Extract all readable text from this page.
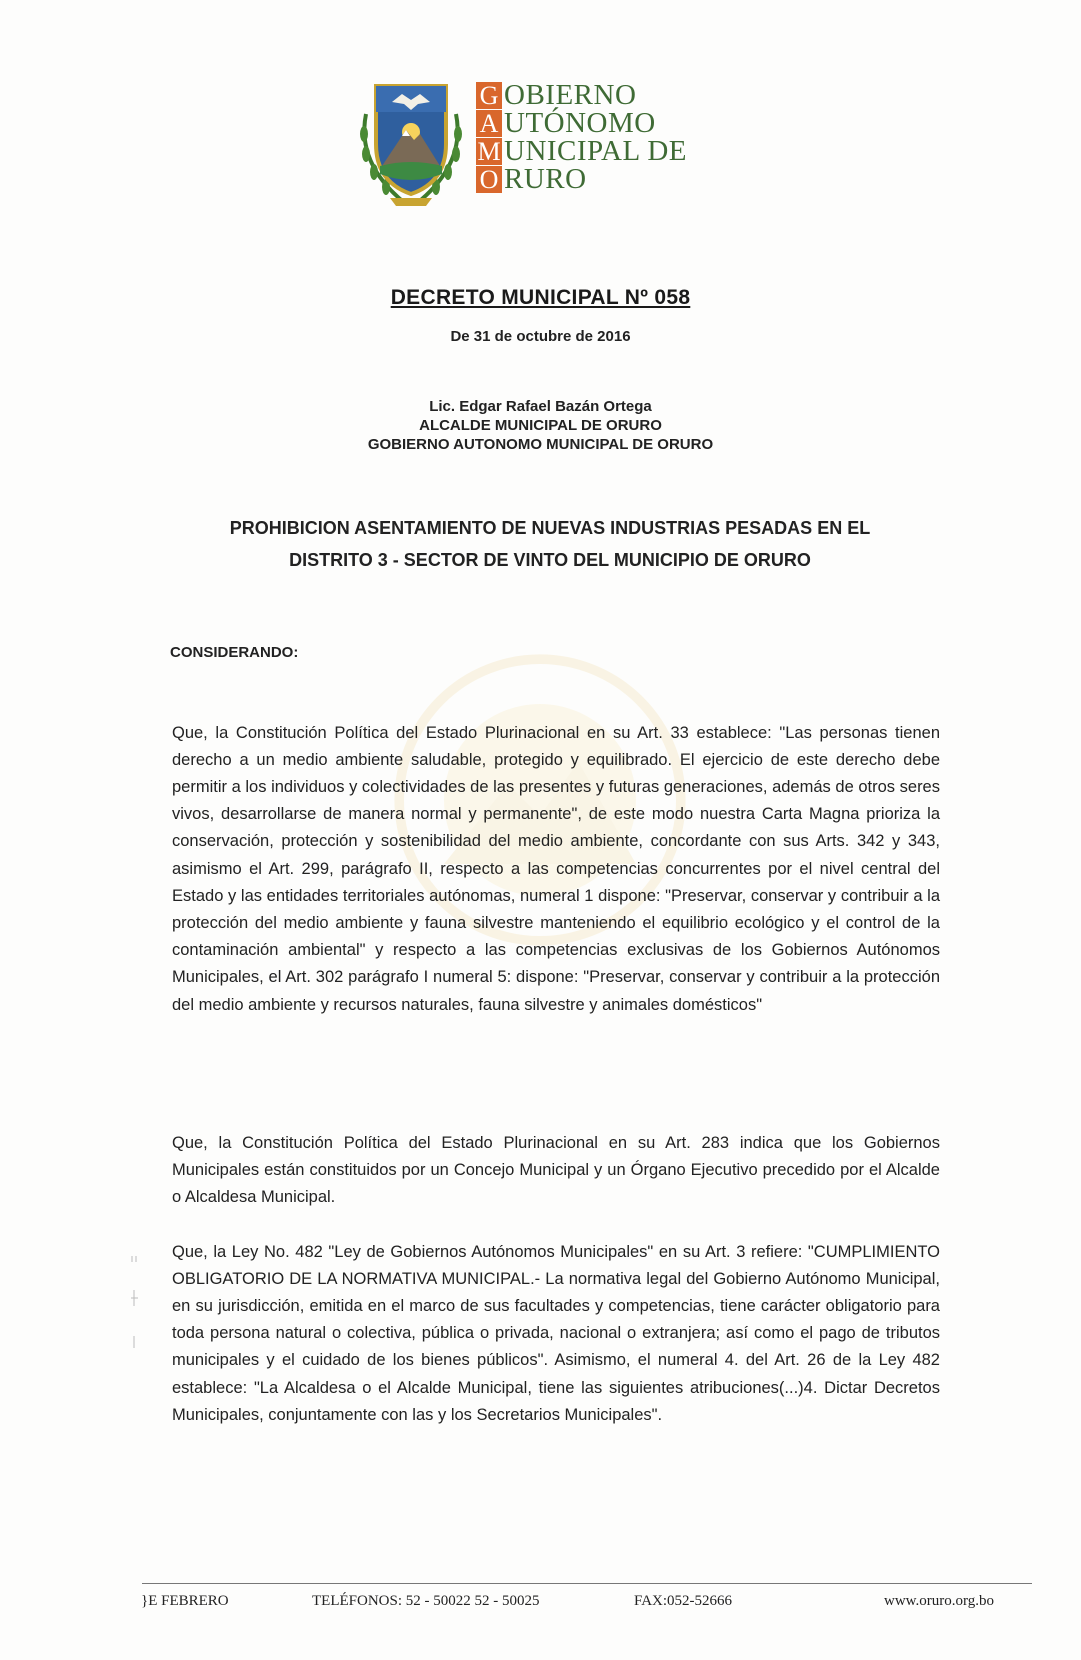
G
A
M
O
OBIERNO
UTÓNOMO
UNICIPAL DE
RURO
DECRETO MUNICIPAL Nº 058
De 31 de octubre de 2016
Lic. Edgar Rafael Bazán Ortega
ALCALDE MUNICIPAL DE ORURO
GOBIERNO AUTONOMO MUNICIPAL DE ORURO
PROHIBICION ASENTAMIENTO DE NUEVAS INDUSTRIAS PESADAS EN EL
DISTRITO 3 - SECTOR DE VINTO DEL MUNICIPIO DE ORURO
CONSIDERANDO:

Que, la Constitución Política del Estado Plurinacional en su Art. 33 establece: "Las personas tienen derecho a un medio ambiente saludable, protegido y equilibrado. El ejercicio de este derecho debe permitir a los individuos y colectividades de las presentes y futuras generaciones, además de otros seres vivos, desarrollarse de manera normal y permanente", de este modo nuestra Carta Magna prioriza la conservación, protección y sostenibilidad del medio ambiente, concordante con sus Arts. 342 y 343, asimismo el Art. 299, parágrafo II, respecto a las competencias concurrentes por el nivel central del Estado y las entidades territoriales autónomas, numeral 1 dispone: "Preservar, conservar y contribuir a la protección del medio ambiente y fauna silvestre manteniendo el equilibrio ecológico y el control de la contaminación ambiental" y respecto a las competencias exclusivas de los Gobiernos Autónomos Municipales, el Art. 302 parágrafo I numeral 5: dispone: "Preservar, conservar y contribuir a la protección del medio ambiente y recursos naturales, fauna silvestre y animales domésticos"

Que, la Constitución Política del Estado Plurinacional en su Art. 283 indica que los Gobiernos Municipales están constituidos por un Concejo Municipal y un Órgano Ejecutivo precedido por el Alcalde o Alcaldesa Municipal.

Que, la Ley No. 482 "Ley de Gobiernos Autónomos Municipales" en su Art. 3 refiere: "CUMPLIMIENTO OBLIGATORIO DE LA NORMATIVA MUNICIPAL.- La normativa legal del Gobierno Autónomo Municipal, en su jurisdicción, emitida en el marco de sus facultades y competencias, tiene carácter obligatorio para toda persona natural o colectiva, pública o privada, nacional o extranjera; así como el pago de tributos municipales y el cuidado de los bienes públicos". Asimismo, el numeral 4. del Art. 26 de la Ley 482 establece: "La Alcaldesa o el Alcalde Municipal, tiene las siguientes atribuciones(...)4. Dictar Decretos Municipales, conjuntamente con las y los Secretarios Municipales".

}E FEBRERO	TELÉFONOS: 52 - 50022 52 - 50025	FAX:052-52666	www.oruro.org.bo
